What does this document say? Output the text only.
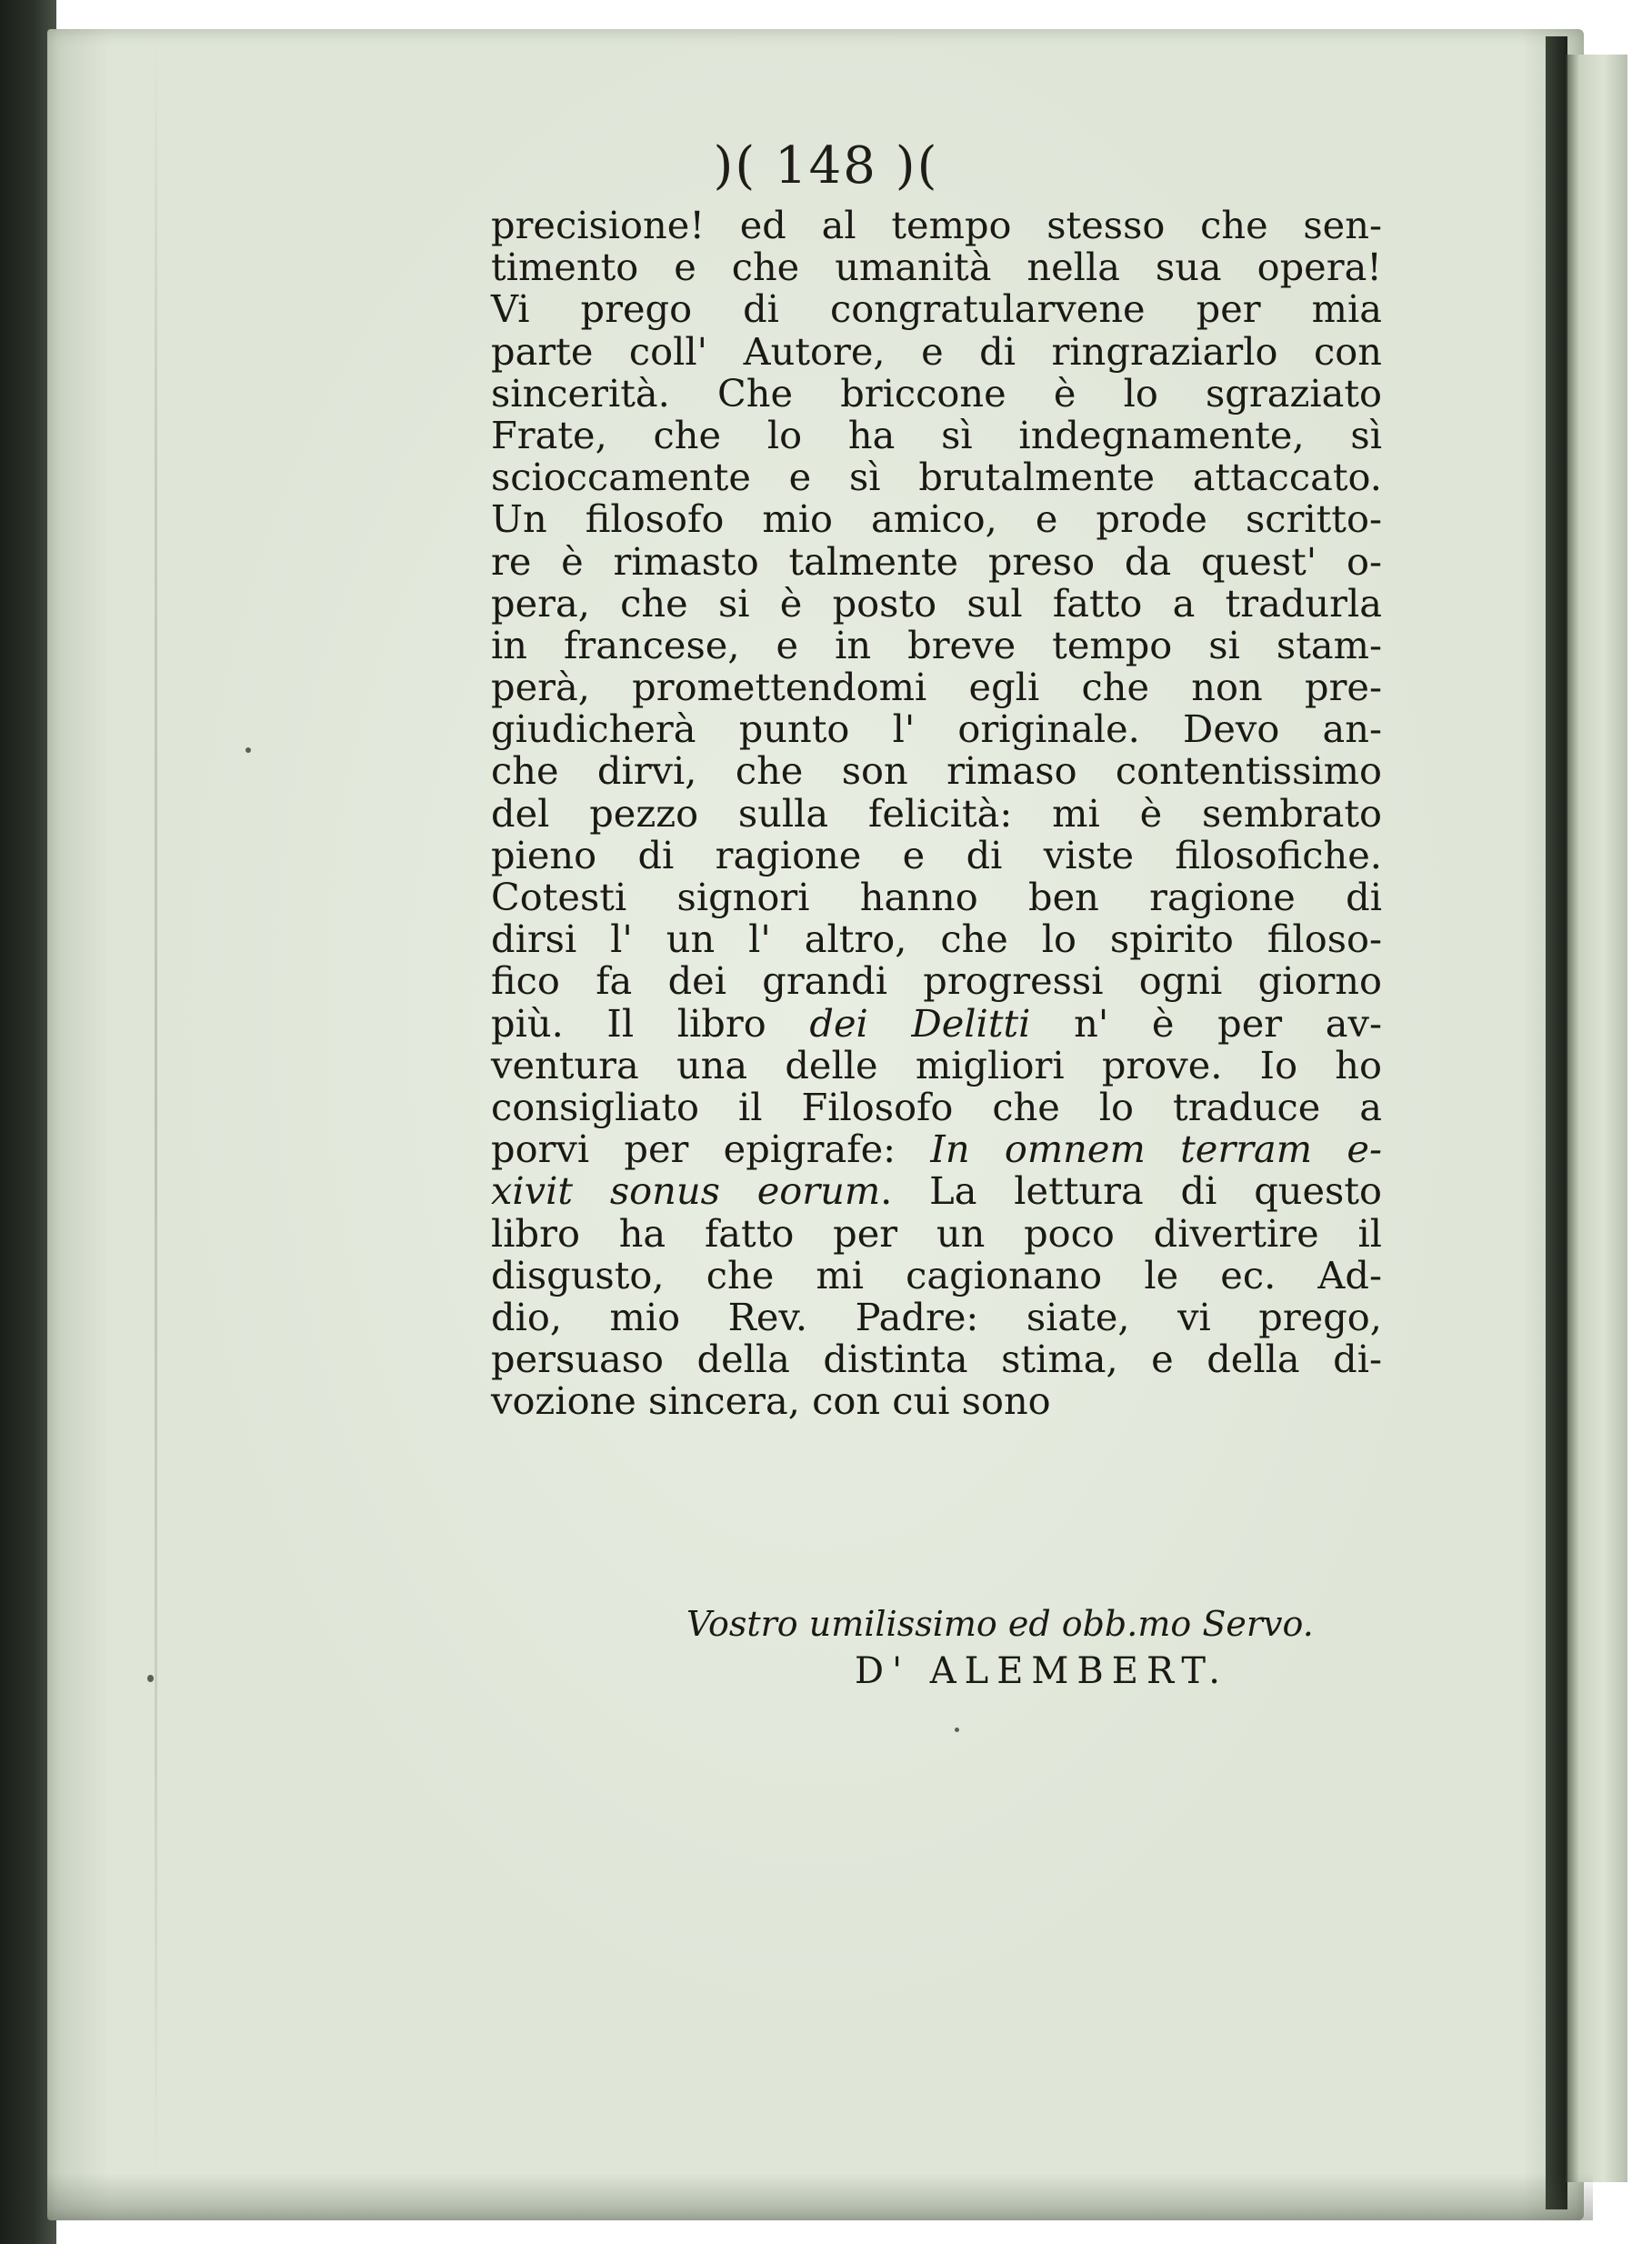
)( 148 )(
precisione! ed al tempo stesso che sen-
timento e che umanità nella sua opera!
Vi prego di congratularvene per mia
parte coll' Autore, e di ringraziarlo con
sincerità. Che briccone è lo sgraziato
Frate, che lo ha sì indegnamente, sì
scioccamente e sì brutalmente attaccato.
Un filosofo mio amico, e prode scritto-
re è rimasto talmente preso da quest' o-
pera, che si è posto sul fatto a tradurla
in francese, e in breve tempo si stam-
perà, promettendomi egli che non pre-
giudicherà punto l' originale. Devo an-
che dirvi, che son rimaso contentissimo
del pezzo sulla felicità: mi è sembrato
pieno di ragione e di viste filosofiche.
Cotesti signori hanno ben ragione di
dirsi l' un l' altro, che lo spirito filoso-
fico fa dei grandi progressi ogni giorno
più. Il libro dei Delitti n' è per av-
ventura una delle migliori prove. Io ho
consigliato il Filosofo che lo traduce a
porvi per epigrafe: In omnem terram e-
xivit sonus eorum. La lettura di questo
libro ha fatto per un poco divertire il
disgusto, che mi cagionano le ec. Ad-
dio, mio Rev. Padre: siate, vi prego,
persuaso della distinta stima, e della di-
vozione sincera, con cui sono
Vostro umilissimo ed obb.mo Servo.
D' ALEMBERT.
